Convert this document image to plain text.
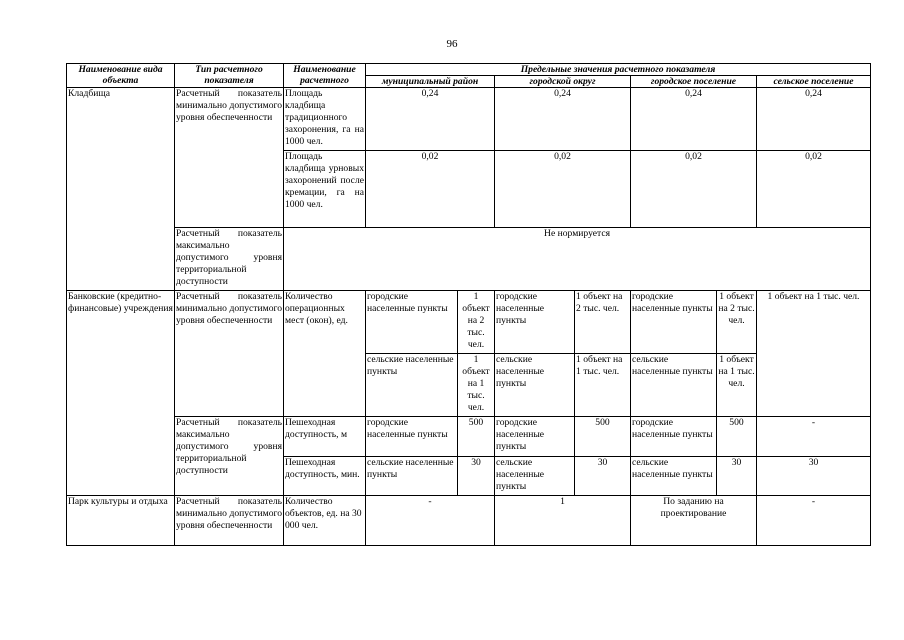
96
Наименование вида объекта	Тип расчетного показателя	Наименование расчетного	Предельные значения расчетного показателя						
			муниципальный район		городской округ		городское поселение		сельское поселение
Кладбища	Расчетный показатель минимально допустимого уровня обеспеченности	Площадь кладбища традиционного захоронения, га на 1000 чел.	0,24		0,24		0,24		0,24
		Площадь кладбища урновых захоронений после кремации, га на 1000 чел.	0,02		0,02		0,02		0,02
	Расчетный показатель максимально допустимого уровня территориальной доступности	Не нормируется							
Банковские (кредитно-финансовые) учреждения	Расчетный показатель минимально допустимого уровня обеспеченности	Количество операционных мест (окон), ед.	городские населенные пункты	1 объект на 2 тыс. чел.	городские населенные пункты	1 объект на 2 тыс. чел.	городские населенные пункты	1 объект на 2 тыс. чел.	1 объект на 1 тыс. чел.
			сельские населенные пункты	1 объект на 1 тыс. чел.	сельские населенные пункты	1 объект на 1 тыс. чел.	сельские населенные пункты	1 объект на 1 тыс. чел.	
	Расчетный показатель максимально допустимого уровня территориальной доступности	Пешеходная доступность, м	городские населенные пункты	500	городские населенные пункты	500	городские населенные пункты	500	-
		Пешеходная доступность, мин.	сельские населенные пункты	30	сельские населенные пункты	30	сельские населенные пункты	30	30
Парк культуры и отдыха	Расчетный показатель минимально допустимого уровня обеспеченности	Количество объектов, ед. на 30 000 чел.	-		1		По заданию на проектирование		-
